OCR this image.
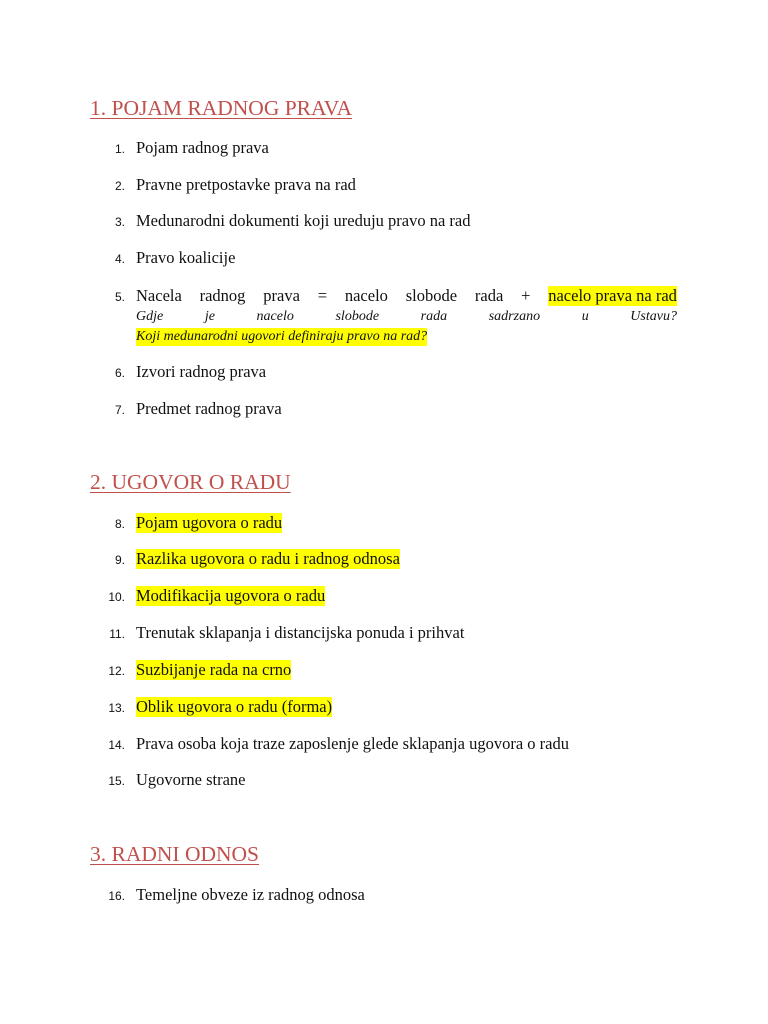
1. POJAM RADNOG PRAVA
1. Pojam radnog prava
2. Pravne pretpostavke prava na rad
3. Medunarodni dokumenti koji ureduju pravo na rad
4. Pravo koalicije
5. Nacela radnog prava = nacelo slobode rada + nacelo prava na rad
Gdje	je	nacelo	slobode	rada	sadrzano	u	Ustavu?
Koji medunarodni ugovori definiraju pravo na rad?
6. Izvori radnog prava
7. Predmet radnog prava
2. UGOVOR O RADU
8. Pojam ugovora o radu
9. Razlika ugovora o radu i radnog odnosa
10. Modifikacija ugovora o radu
11. Trenutak sklapanja i distancijska ponuda i prihvat
12. Suzbijanje rada na crno
13. Oblik ugovora o radu (forma)
14. Prava osoba koja traze zaposlenje glede sklapanja ugovora o radu
15. Ugovorne strane
3. RADNI ODNOS
16. Temeljne obveze iz radnog odnosa
